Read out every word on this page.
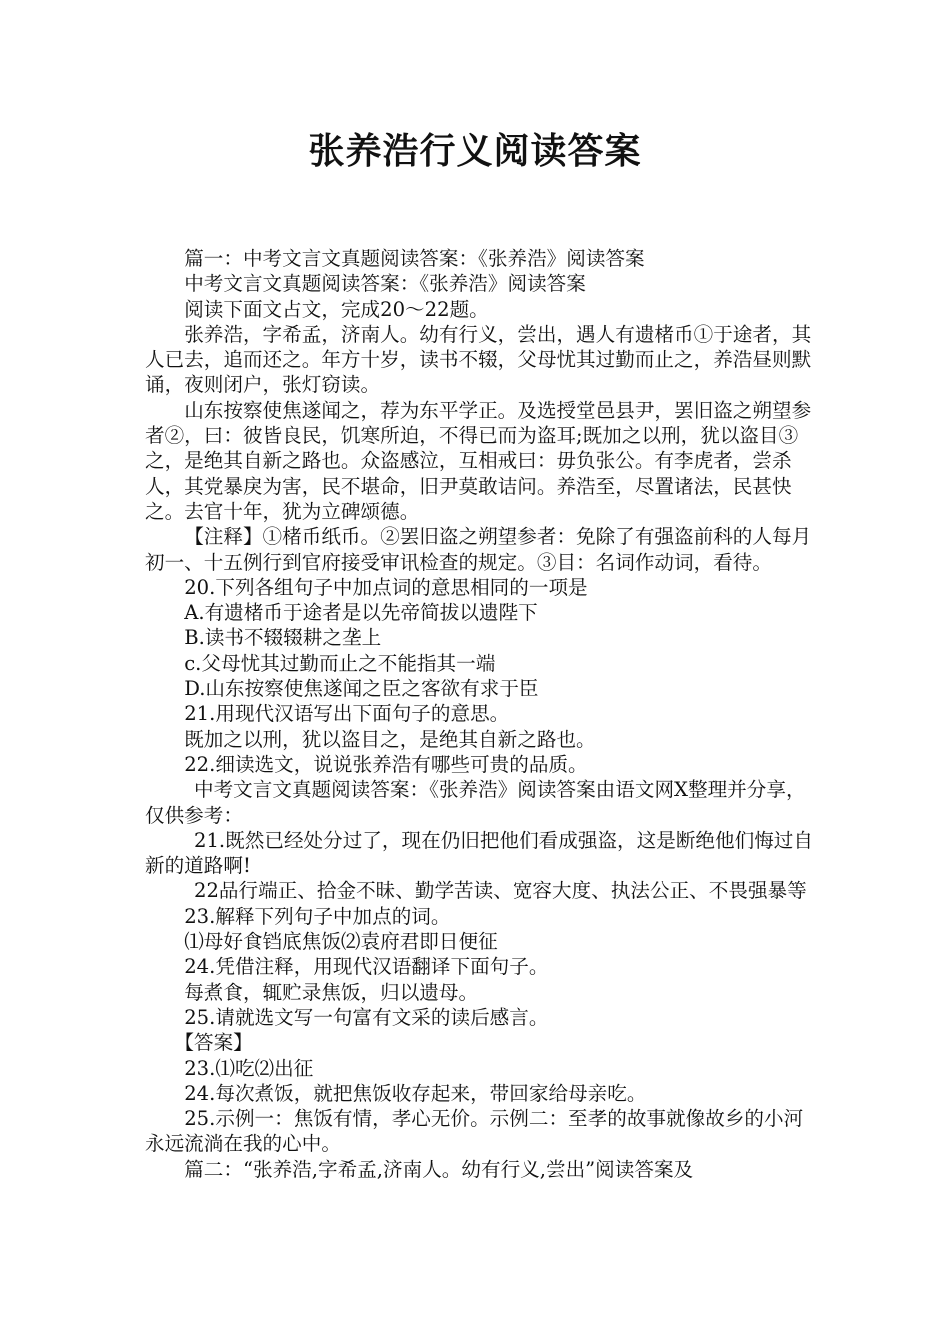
张养浩行义阅读答案

篇一：中考文言文真题阅读答案：《张养浩》阅读答案

中考文言文真题阅读答案：《张养浩》阅读答案

阅读下面文占文，完成20～22题。

张养浩，字希孟，济南人。幼有行义，尝出，遇人有遗楮币①于途者，其人已去，追而还之。年方十岁，读书不辍，父母忧其过勤而止之，养浩昼则默诵，夜则闭户，张灯窃读。

山东按察使焦遂闻之，荐为东平学正。及选授堂邑县尹，罢旧盗之朔望参者②，曰：彼皆良民，饥寒所迫，不得已而为盗耳;既加之以刑，犹以盗目③之，是绝其自新之路也。众盗感泣，互相戒曰：毋负张公。有李虎者，尝杀人，其党暴戾为害，民不堪命，旧尹莫敢诘问。养浩至，尽置诸法，民甚快之。去官十年，犹为立碑颂德。

【注释】①楮币纸币。②罢旧盗之朔望参者：免除了有强盗前科的人每月初一、十五例行到官府接受审讯检查的规定。③目：名词作动词，看待。

20.下列各组句子中加点词的意思相同的一项是

A.有遗楮币于途者是以先帝简拔以遗陛下

B.读书不辍辍耕之垄上

c.父母忧其过勤而止之不能指其一端

D.山东按察使焦遂闻之臣之客欲有求于臣

21.用现代汉语写出下面句子的意思。

既加之以刑，犹以盗目之，是绝其自新之路也。

22.细读选文，说说张养浩有哪些可贵的品质。

中考文言文真题阅读答案：《张养浩》阅读答案由语文网X整理并分享，仅供参考：

21.既然已经处分过了，现在仍旧把他们看成强盗，这是断绝他们悔过自新的道路啊!

22品行端正、拾金不昧、勤学苦读、宽容大度、执法公正、不畏强暴等

23.解释下列句子中加点的词。

⑴母好食铛底焦饭⑵袁府君即日便征

24.凭借注释，用现代汉语翻译下面句子。

每煮食，辄贮录焦饭，归以遗母。

25.请就选文写一句富有文采的读后感言。

【答案】

23.⑴吃⑵出征

24.每次煮饭，就把焦饭收存起来，带回家给母亲吃。

25.示例一：焦饭有情，孝心无价。示例二：至孝的故事就像故乡的小河永远流淌在我的心中。

篇二：“张养浩,字希孟,济南人。幼有行义,尝出”阅读答案及
